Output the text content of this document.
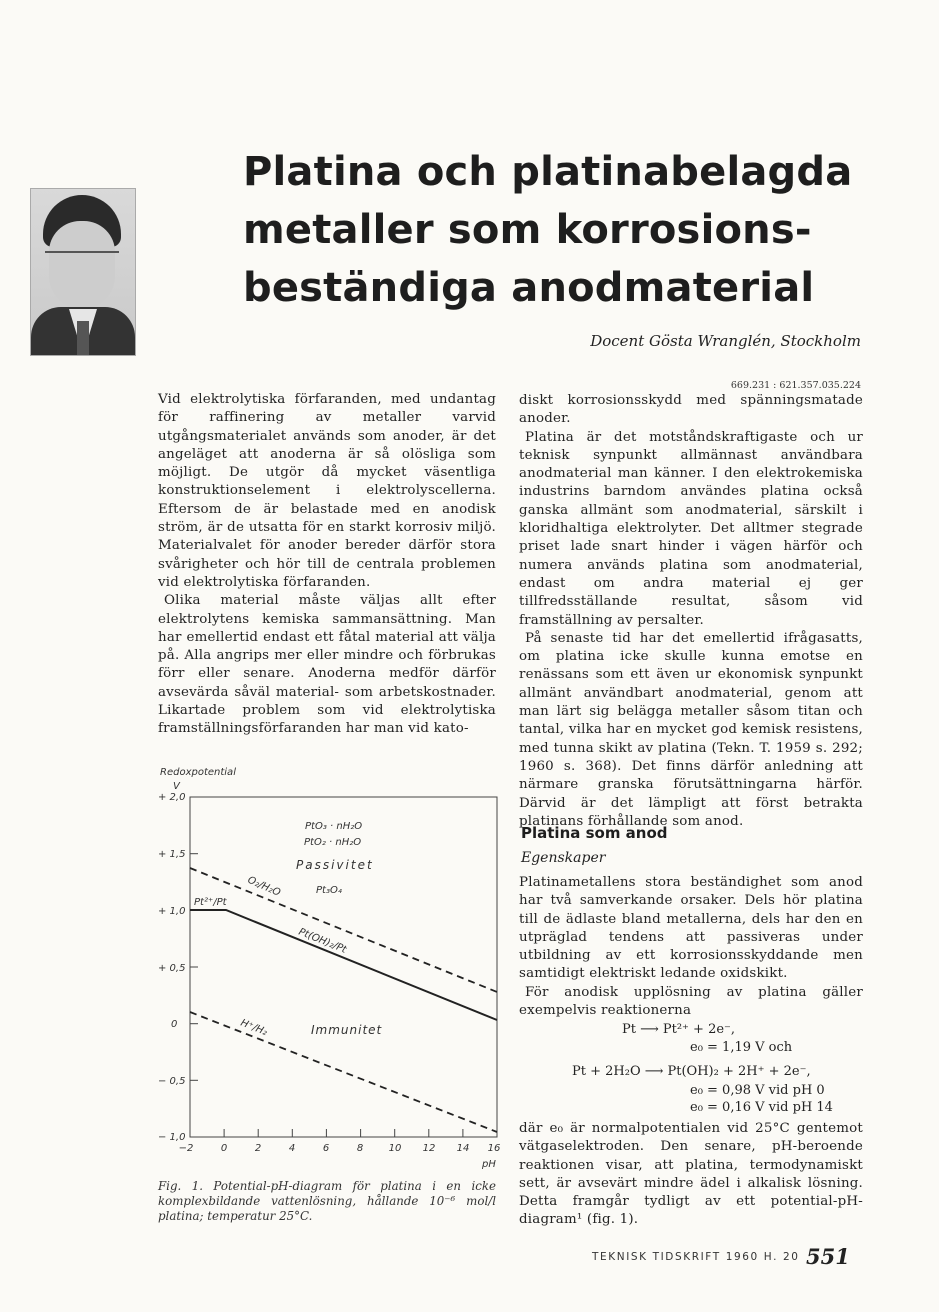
Platina och platinabelagda
metaller som korrosions-
beständiga anodmaterial
Docent Gösta Wranglén, Stockholm
669.231 : 621.357.035.224

Vid elektrolytiska förfaranden, med undantag för raffinering av metaller varvid utgångsmaterialet används som anoder, är det angeläget att anoderna är så olösliga som möjligt. De utgör då mycket väsentliga konstruktionselement i elektrolyscellerna. Eftersom de är belastade med en anodisk ström, är de utsatta för en starkt korrosiv miljö. Materialvalet för anoder bereder därför stora svårigheter och hör till de centrala problemen vid elektrolytiska förfaranden.

Olika material måste väljas allt efter elektrolytens kemiska sammansättning. Man har emellertid endast ett fåtal material att välja på. Alla angrips mer eller mindre och förbrukas förr eller senare. Anoderna medför därför avsevärda såväl material- som arbetskostnader. Likartade problem som vid elektrolytiska framställningsförfaranden har man vid kato-

diskt korrosionsskydd med spänningsmatade anoder.

Platina är det motståndskraftigaste och ur teknisk synpunkt allmännast användbara anodmaterial man känner. I den elektrokemiska industrins barndom användes platina också ganska allmänt som anodmaterial, särskilt i kloridhaltiga elektrolyter. Det alltmer stegrade priset lade snart hinder i vägen härför och numera används platina som anodmaterial, endast om andra material ej ger tillfredsställande resultat, såsom vid framställning av persalter.

På senaste tid har det emellertid ifrågasatts, om platina icke skulle kunna emotse en renässans som ett även ur ekonomisk synpunkt allmänt användbart anodmaterial, genom att man lärt sig belägga metaller såsom titan och tantal, vilka har en mycket god kemisk resistens, med tunna skikt av platina (Tekn. T. 1959 s. 292; 1960 s. 368). Det finns därför anledning att närmare granska förutsättningarna härför. Därvid är det lämpligt att först betrakta platinans förhållande som anod.

Platina som anod
Egenskaper

Platinametallens stora beständighet som anod har två samverkande orsaker. Dels hör platina till de ädlaste bland metallerna, dels har den en utpräglad tendens att passiveras under utbildning av ett korrosionsskyddande men samtidigt elektriskt ledande oxidskikt.

För anodisk upplösning av platina gäller exempelvis reaktionerna

Pt ⟶ Pt²⁺ + 2e⁻,
e₀ = 1,19 V och
Pt + 2H₂O ⟶ Pt(OH)₂ + 2H⁺ + 2e⁻,
e₀ = 0,98 V vid pH 0
e₀ = 0,16 V vid pH 14

där e₀ är normalpotentialen vid 25°C gentemot vätgaselektroden. Den senare, pH-beroende reaktionen visar, att platina, termodynamiskt sett, är avsevärt mindre ädel i alkalisk lösning. Detta framgår tydligt av ett potential-pH-diagram¹ (fig. 1).

Redoxpotential
V
+ 2,0
+ 1,5
+ 1,0
+ 0,5
0
− 0,5
− 1,0
−2	0	2	4	6	8	10 12 14 16
pH
PtO₃ · nH₂O
PtO₂ · nH₂O
Passivitet
Pt₃O₄
O₂/H₂O
Pt²⁺/Pt
Pt(OH)₂/Pt
H⁺/H₂	Immunitet
Fig. 1. Potential-pH-diagram för platina i en icke komplexbildande vattenlösning, hållande 10⁻⁶ mol/l platina; temperatur 25°C.
TEKNISK TIDSKRIFT 1960 H. 20 551
